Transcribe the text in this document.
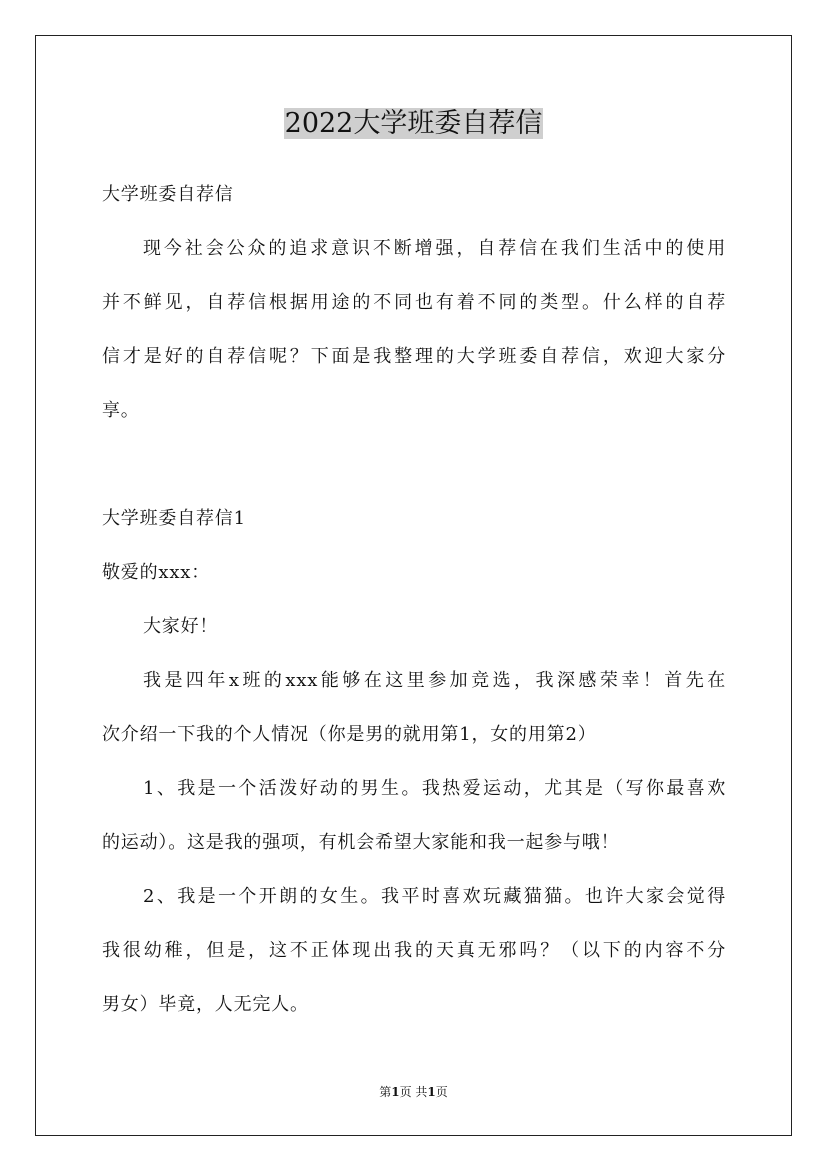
2022大学班委自荐信
大学班委自荐信
现今社会公众的追求意识不断增强，自荐信在我们生活中的使用
并不鲜见，自荐信根据用途的不同也有着不同的类型。什么样的自荐
信才是好的自荐信呢？下面是我整理的大学班委自荐信，欢迎大家分
享。
大学班委自荐信1
敬爱的xxx：
大家好！
我是四年x班的xxx能够在这里参加竞选，我深感荣幸！首先在
次介绍一下我的个人情况（你是男的就用第1，女的用第2）
1、我是一个活泼好动的男生。我热爱运动，尤其是（写你最喜欢
的运动）。这是我的强项，有机会希望大家能和我一起参与哦！
2、我是一个开朗的女生。我平时喜欢玩藏猫猫。也许大家会觉得
我很幼稚，但是，这不正体现出我的天真无邪吗？（以下的内容不分
男女）毕竟，人无完人。
第1页 共1页
